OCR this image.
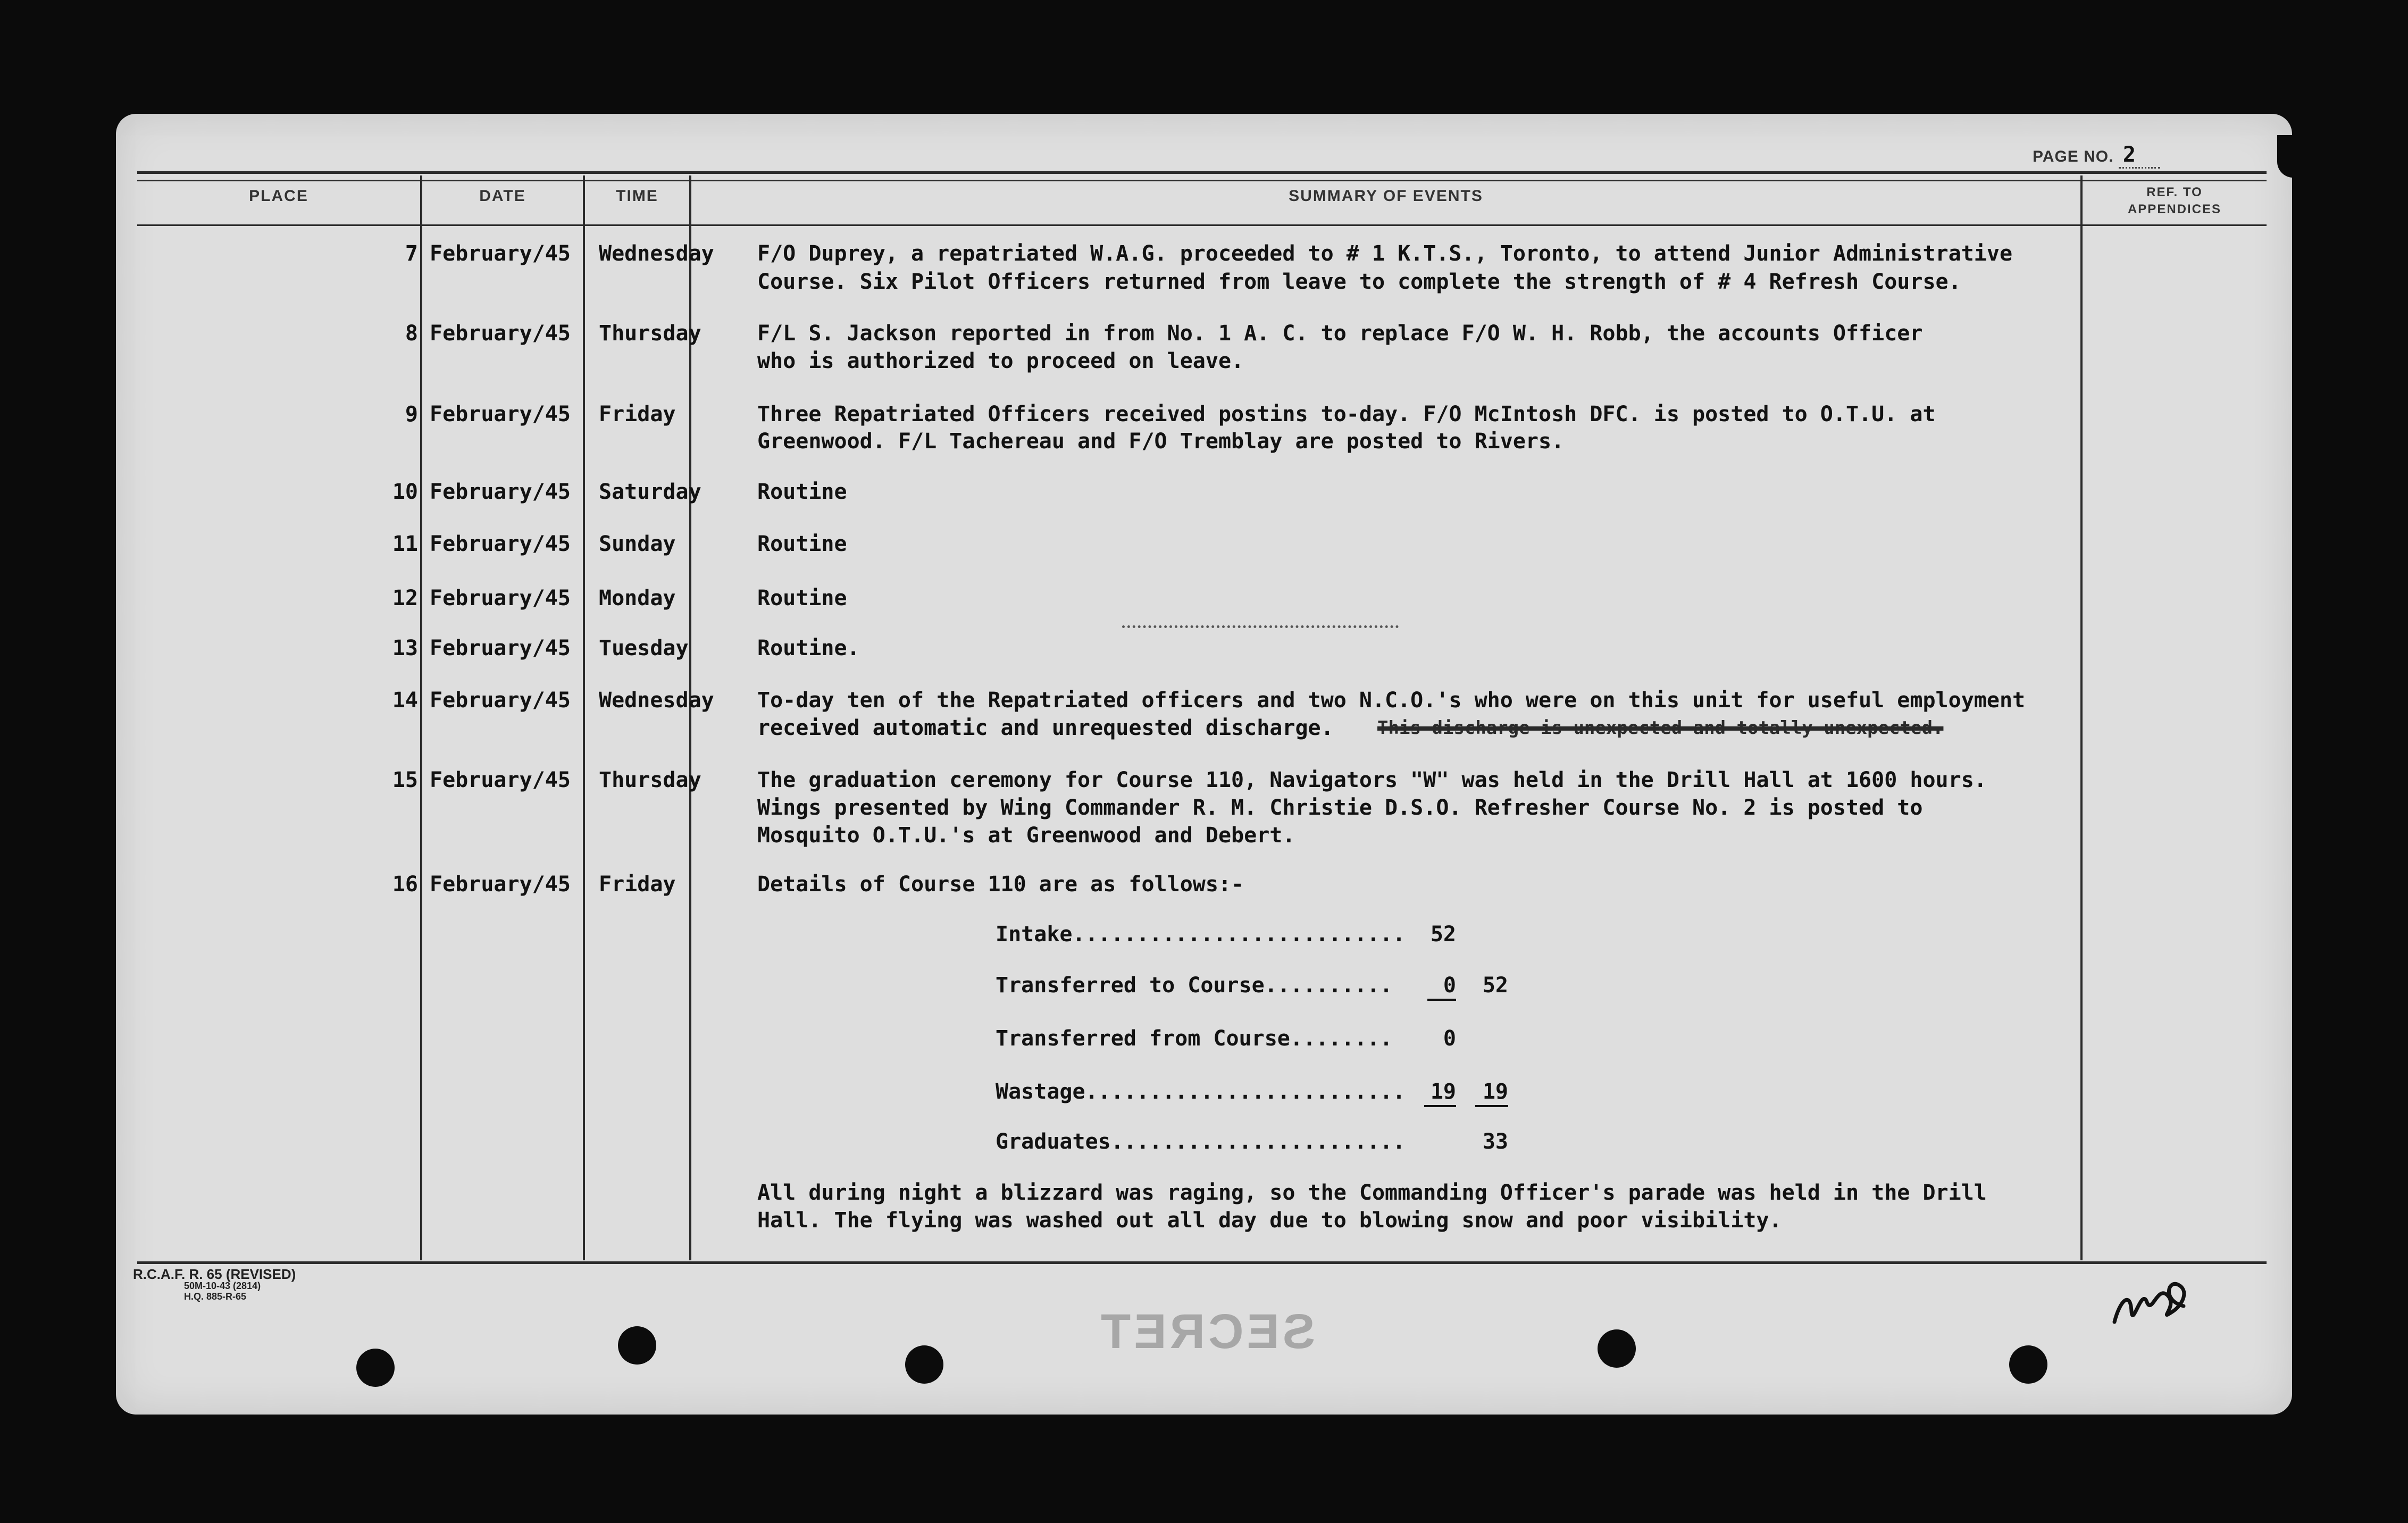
PAGE NO. 2
PLACE	DATE	TIME	SUMMARY OF EVENTS	REF. TO
APPENDICES
7 February/45 Wednesday F/O Duprey, a repatriated W.A.G. proceeded to # 1 K.T.S., Toronto, to attend Junior Administrative
Course. Six Pilot Officers returned from leave to complete the strength of # 4 Refresh Course.
8 February/45 Thursday	F/L S. Jackson reported in from No. 1 A. C. to replace F/O W. H. Robb, the accounts Officer
who is authorized to proceed on leave.
9 February/45 Friday	Three Repatriated Officers received postins to-day. F/O McIntosh DFC. is posted to O.T.U. at
Greenwood. F/L Tachereau and F/O Tremblay are posted to Rivers.
10 February/45 Saturday	Routine
11 February/45 Sunday	Routine
12 February/45 Monday	Routine
13 February/45 Tuesday	Routine.
14 February/45 Wednesday To-day ten of the Repatriated officers and two N.C.O.'s who were on this unit for useful employment
received automatic and unrequested discharge. This discharge is unexpected and totally unexpected.
15 February/45 Thursday	The graduation ceremony for Course 110, Navigators "W" was held in the Drill Hall at 1600 hours.
Wings presented by Wing Commander R. M. Christie D.S.O. Refresher Course No. 2 is posted to
Mosquito O.T.U.'s at Greenwood and Debert.
16 February/45 Friday	Details of Course 110 are as follows:-
Intake..........................	52
Transferred to Course..........	0	52
Transferred from Course........	0
Wastage......................... 19	19
Graduates.......................	33
All during night a blizzard was raging, so the Commanding Officer's parade was held in the Drill
Hall. The flying was washed out all day due to blowing snow and poor visibility.
R.C.A.F. R. 65 (REVISED)
50M-10-43 (2814)
H.Q. 885-R-65
SECRET
